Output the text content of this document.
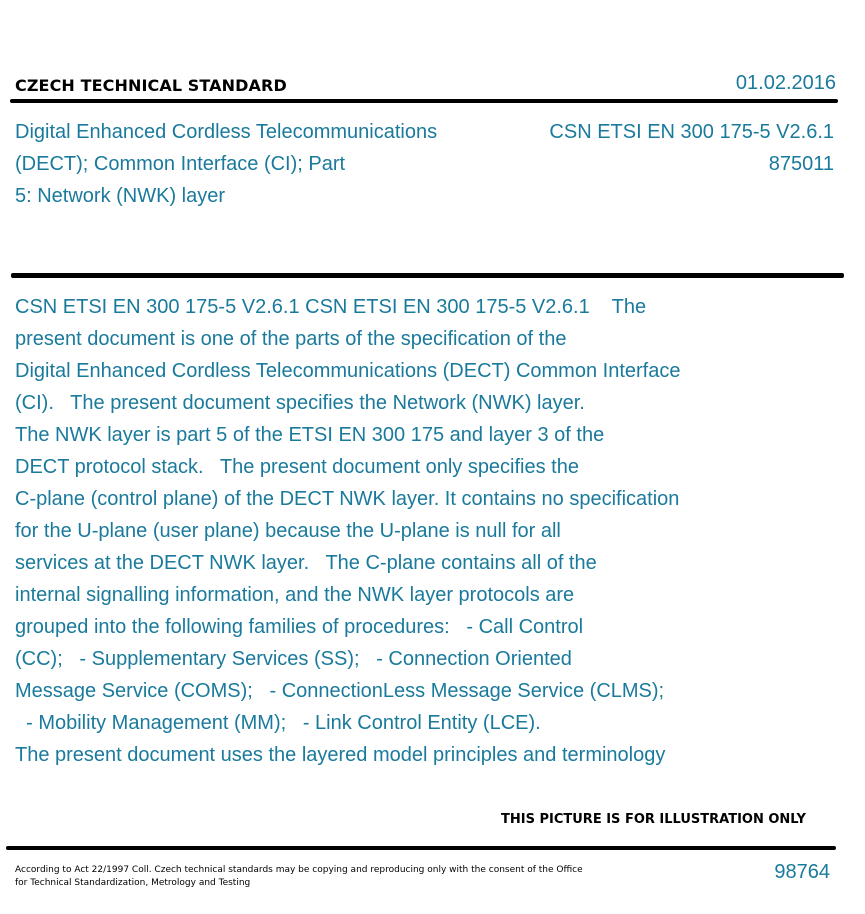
CZECH TECHNICAL STANDARD	01.02.2016
Digital Enhanced Cordless Telecommunications
(DECT); Common Interface (CI); Part
5: Network (NWK) layer
CSN ETSI EN 300 175-5 V2.6.1
875011
CSN ETSI EN 300 175-5 V2.6.1 CSN ETSI EN 300 175-5 V2.6.1    The
present document is one of the parts of the specification of the
Digital Enhanced Cordless Telecommunications (DECT) Common Interface
(CI).   The present document specifies the Network (NWK) layer.
The NWK layer is part 5 of the ETSI EN 300 175 and layer 3 of the
DECT protocol stack.   The present document only specifies the
C-plane (control plane) of the DECT NWK layer. It contains no specification
for the U-plane (user plane) because the U-plane is null for all
services at the DECT NWK layer.   The C-plane contains all of the
internal signalling information, and the NWK layer protocols are
grouped into the following families of procedures:   - Call Control
(CC);   - Supplementary Services (SS);   - Connection Oriented
Message Service (COMS);   - ConnectionLess Message Service (CLMS);
- Mobility Management (MM);   - Link Control Entity (LCE).
The present document uses the layered model principles and terminology
THIS PICTURE IS FOR ILLUSTRATION ONLY
According to Act 22/1997 Coll. Czech technical standards may be copying and reproducing only with the consent of the Office
for Technical Standardization, Metrology and Testing	98764
